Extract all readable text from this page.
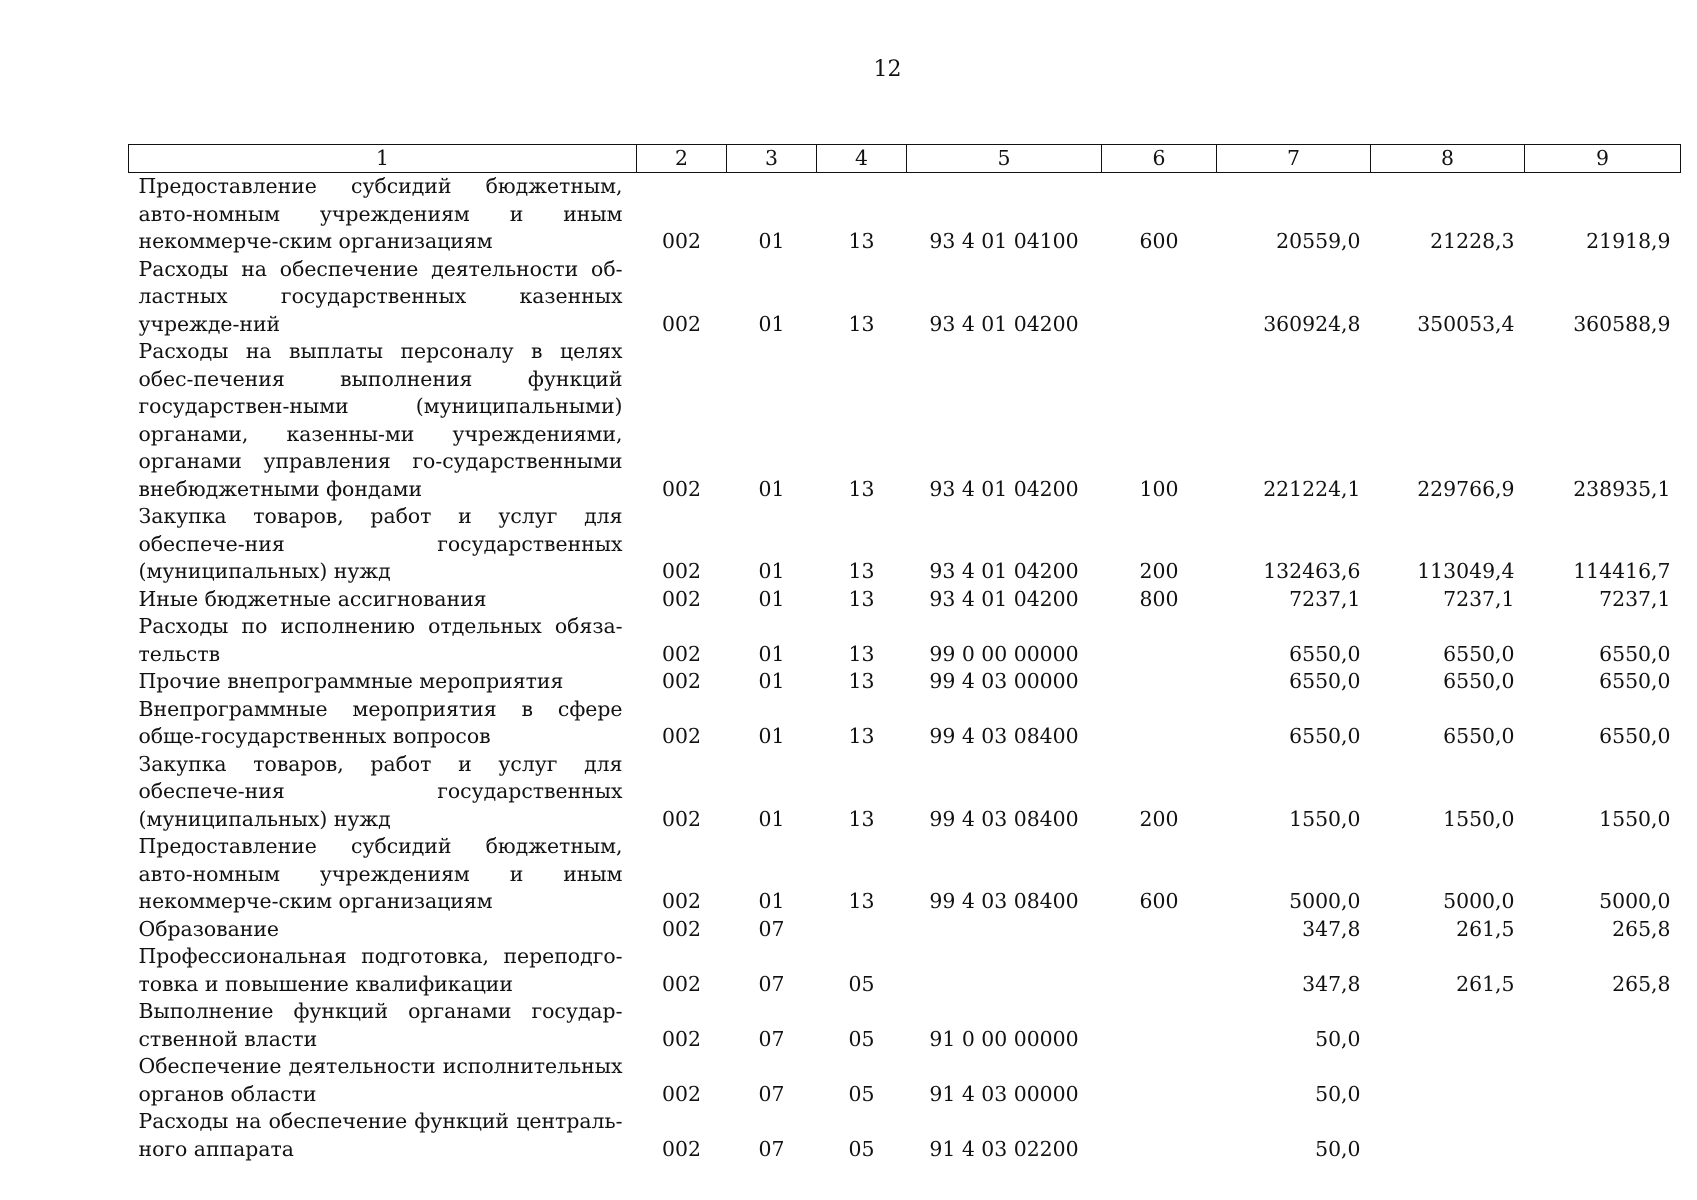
12
1	2	3	4	5	6	7	8	9
Предоставление субсидий бюджетным, авто-номным учреждениям и иным некоммерче-ским организациям	002	01	13	93 4 01 04100	600	20559,0	21228,3	21918,9
Расходы на обеспечение деятельности об-ластных государственных казенных учрежде-ний	002	01	13	93 4 01 04200		360924,8	350053,4	360588,9
Расходы на выплаты персоналу в целях обес-печения выполнения функций государствен-ными (муниципальными) органами, казенны-ми учреждениями, органами управления го-сударственными внебюджетными фондами	002	01	13	93 4 01 04200	100	221224,1	229766,9	238935,1
Закупка товаров, работ и услуг для обеспече-ния государственных (муниципальных) нужд	002	01	13	93 4 01 04200	200	132463,6	113049,4	114416,7
Иные бюджетные ассигнования	002	01	13	93 4 01 04200	800	7237,1	7237,1	7237,1
Расходы по исполнению отдельных обяза-тельств	002	01	13	99 0 00 00000		6550,0	6550,0	6550,0
Прочие внепрограммные мероприятия	002	01	13	99 4 03 00000		6550,0	6550,0	6550,0
Внепрограммные мероприятия в сфере обще-государственных вопросов	002	01	13	99 4 03 08400		6550,0	6550,0	6550,0
Закупка товаров, работ и услуг для обеспече-ния государственных (муниципальных) нужд	002	01	13	99 4 03 08400	200	1550,0	1550,0	1550,0
Предоставление субсидий бюджетным, авто-номным учреждениям и иным некоммерче-ским организациям	002	01	13	99 4 03 08400	600	5000,0	5000,0	5000,0
Образование	002	07				347,8	261,5	265,8
Профессиональная подготовка, переподго-товка и повышение квалификации	002	07	05			347,8	261,5	265,8
Выполнение функций органами государ-ственной власти	002	07	05	91 0 00 00000		50,0		
Обеспечение деятельности исполнительных органов области	002	07	05	91 4 03 00000		50,0		
Расходы на обеспечение функций централь-ного аппарата	002	07	05	91 4 03 02200		50,0		
